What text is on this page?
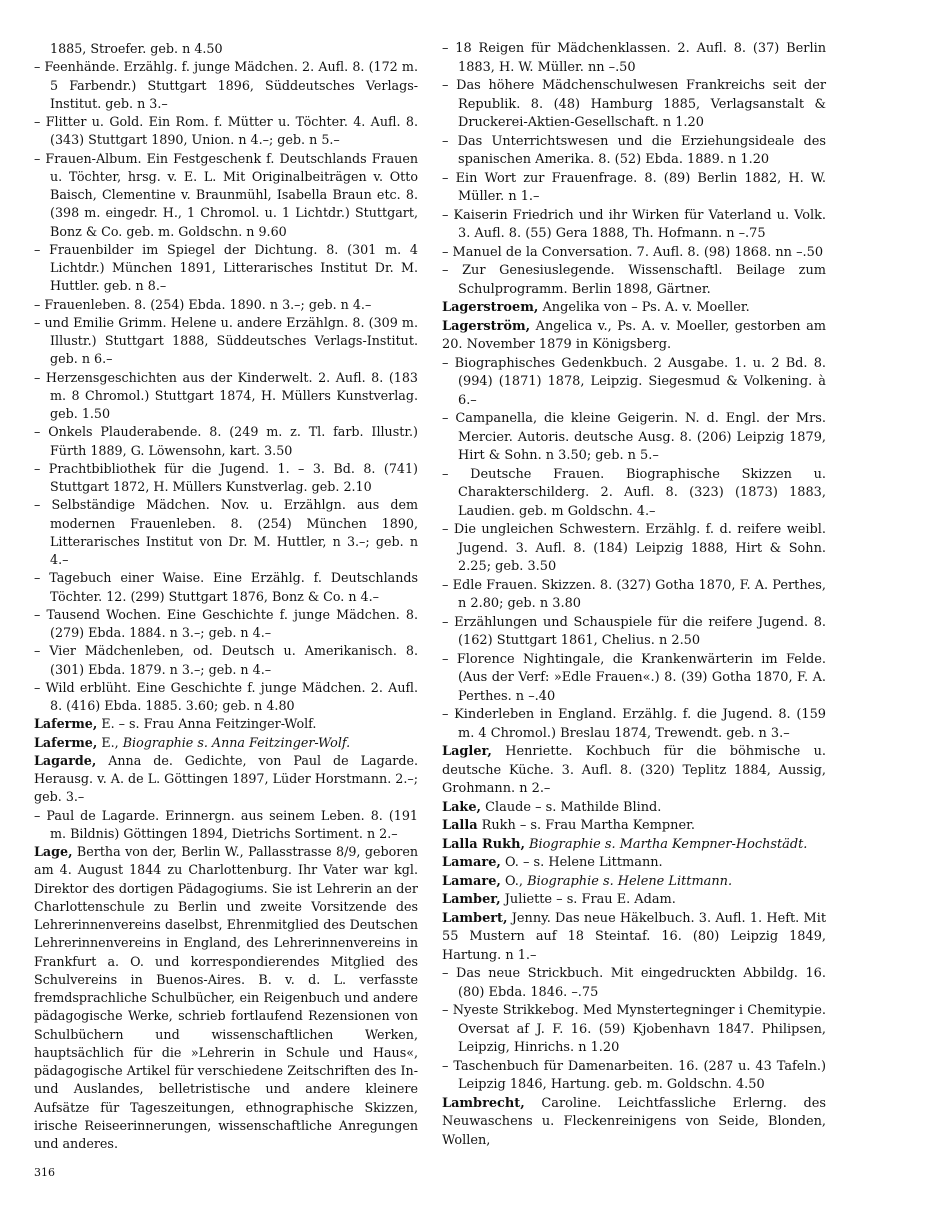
1885, Stroefer. geb. n 4.50

– Feenhände. Erzählg. f. junge Mädchen. 2. Aufl. 8. (172 m. 5 Farbendr.) Stuttgart 1896, Süddeutsches Verlags-Institut. geb. n 3.–

– Flitter u. Gold. Ein Rom. f. Mütter u. Töchter. 4. Aufl. 8. (343) Stuttgart 1890, Union. n 4.–; geb. n 5.–

– Frauen-Album. Ein Festgeschenk f. Deutschlands Frauen u. Töchter, hrsg. v. E. L. Mit Originalbeiträgen v. Otto Baisch, Clementine v. Braunmühl, Isabella Braun etc. 8. (398 m. eingedr. H., 1 Chromol. u. 1 Lichtdr.) Stuttgart, Bonz & Co. geb. m. Goldschn. n 9.60

– Frauenbilder im Spiegel der Dichtung. 8. (301 m. 4 Lichtdr.) München 1891, Litterarisches Institut Dr. M. Huttler. geb. n 8.–

– Frauenleben. 8. (254) Ebda. 1890. n 3.–; geb. n 4.–

– und Emilie Grimm. Helene u. andere Erzählgn. 8. (309 m. Illustr.) Stuttgart 1888, Süddeutsches Verlags-Institut. geb. n 6.–

– Herzensgeschichten aus der Kinderwelt. 2. Aufl. 8. (183 m. 8 Chromol.) Stuttgart 1874, H. Müllers Kunstverlag. geb. 1.50

– Onkels Plauderabende. 8. (249 m. z. Tl. farb. Illustr.) Fürth 1889, G. Löwensohn, kart. 3.50

– Prachtbibliothek für die Jugend. 1. – 3. Bd. 8. (741) Stuttgart 1872, H. Müllers Kunstverlag. geb. 2.10

– Selbständige Mädchen. Nov. u. Erzählgn. aus dem modernen Frauenleben. 8. (254) München 1890, Litterarisches Institut von Dr. M. Huttler, n 3.–; geb. n 4.–

– Tagebuch einer Waise. Eine Erzählg. f. Deutschlands Töchter. 12. (299) Stuttgart 1876, Bonz & Co. n 4.–

– Tausend Wochen. Eine Geschichte f. junge Mädchen. 8. (279) Ebda. 1884. n 3.–; geb. n 4.–

– Vier Mädchenleben, od. Deutsch u. Amerikanisch. 8. (301) Ebda. 1879. n 3.–; geb. n 4.–

– Wild erblüht. Eine Geschichte f. junge Mädchen. 2. Aufl. 8. (416) Ebda. 1885. 3.60; geb. n 4.80

Laferme, E. – s. Frau Anna Feitzinger-Wolf.

Laferme, E., Biographie s. Anna Feitzinger-Wolf.

Lagarde, Anna de. Gedichte, von Paul de Lagarde. Herausg. v. A. de L. Göttingen 1897, Lüder Horstmann. 2.–; geb. 3.–

– Paul de Lagarde. Erinnergn. aus seinem Leben. 8. (191 m. Bildnis) Göttingen 1894, Dietrichs Sortiment. n 2.–

Lage, Bertha von der, Berlin W., Pallasstrasse 8/9, geboren am 4. August 1844 zu Charlottenburg. Ihr Vater war kgl. Direktor des dortigen Pädagogiums. Sie ist Lehrerin an der Charlottenschule zu Berlin und zweite Vorsitzende des Lehrerinnenvereins daselbst, Ehrenmitglied des Deutschen Lehrerinnenvereins in England, des Lehrerinnenvereins in Frankfurt a. O. und korrespondierendes Mitglied des Schulvereins in Buenos-Aires. B. v. d. L. verfasste fremdsprachliche Schulbücher, ein Reigenbuch und andere pädagogische Werke, schrieb fortlaufend Rezensionen von Schulbüchern und wissenschaftlichen Werken, hauptsächlich für die »Lehrerin in Schule und Haus«, pädagogische Artikel für verschiedene Zeitschriften des In- und Auslandes, belletristische und andere kleinere Aufsätze für Tageszeitungen, ethnographische Skizzen, irische Reiseerinnerungen, wissenschaftliche Anregungen und anderes.

– 18 Reigen für Mädchenklassen. 2. Aufl. 8. (37) Berlin 1883, H. W. Müller. nn –.50

– Das höhere Mädchenschulwesen Frankreichs seit der Republik. 8. (48) Hamburg 1885, Verlagsanstalt & Druckerei-Aktien-Gesellschaft. n 1.20

– Das Unterrichtswesen und die Erziehungsideale des spanischen Amerika. 8. (52) Ebda. 1889. n 1.20

– Ein Wort zur Frauenfrage. 8. (89) Berlin 1882, H. W. Müller. n 1.–

– Kaiserin Friedrich und ihr Wirken für Vaterland u. Volk. 3. Aufl. 8. (55) Gera 1888, Th. Hofmann. n –.75

– Manuel de la Conversation. 7. Aufl. 8. (98) 1868. nn –.50

– Zur Genesiuslegende. Wissenschaftl. Beilage zum Schulprogramm. Berlin 1898, Gärtner.

Lagerstroem, Angelika von – Ps. A. v. Moeller.

Lagerström, Angelica v., Ps. A. v. Moeller, gestorben am 20. November 1879 in Königsberg.

– Biographisches Gedenkbuch. 2 Ausgabe. 1. u. 2 Bd. 8. (994) (1871) 1878, Leipzig. Siegesmud & Volkening. à 6.–

– Campanella, die kleine Geigerin. N. d. Engl. der Mrs. Mercier. Autoris. deutsche Ausg. 8. (206) Leipzig 1879, Hirt & Sohn. n 3.50; geb. n 5.–

– Deutsche Frauen. Biographische Skizzen u. Charakterschilderg. 2. Aufl. 8. (323) (1873) 1883, Laudien. geb. m Goldschn. 4.–

– Die ungleichen Schwestern. Erzählg. f. d. reifere weibl. Jugend. 3. Aufl. 8. (184) Leipzig 1888, Hirt & Sohn. 2.25; geb. 3.50

– Edle Frauen. Skizzen. 8. (327) Gotha 1870, F. A. Perthes, n 2.80; geb. n 3.80

– Erzählungen und Schauspiele für die reifere Jugend. 8. (162) Stuttgart 1861, Chelius. n 2.50

– Florence Nightingale, die Krankenwärterin im Felde. (Aus der Verf: »Edle Frauen«.) 8. (39) Gotha 1870, F. A. Perthes. n –.40

– Kinderleben in England. Erzählg. f. die Jugend. 8. (159 m. 4 Chromol.) Breslau 1874, Trewendt. geb. n 3.–

Lagler, Henriette. Kochbuch für die böhmische u. deutsche Küche. 3. Aufl. 8. (320) Teplitz 1884, Aussig, Grohmann. n 2.–

Lake, Claude – s. Mathilde Blind.

Lalla Rukh – s. Frau Martha Kempner.

Lalla Rukh, Biographie s. Martha Kempner-Hochstädt.

Lamare, O. – s. Helene Littmann.

Lamare, O., Biographie s. Helene Littmann.

Lamber, Juliette – s. Frau E. Adam.

Lambert, Jenny. Das neue Häkelbuch. 3. Aufl. 1. Heft. Mit 55 Mustern auf 18 Steintaf. 16. (80) Leipzig 1849, Hartung. n 1.–

– Das neue Strickbuch. Mit eingedruckten Abbildg. 16. (80) Ebda. 1846. –.75

– Nyeste Strikkebog. Med Mynstertegninger i Chemitypie. Oversat af J. F. 16. (59) Kjobenhavn 1847. Philipsen, Leipzig, Hinrichs. n 1.20

– Taschenbuch für Damenarbeiten. 16. (287 u. 43 Tafeln.) Leipzig 1846, Hartung. geb. m. Goldschn. 4.50

Lambrecht, Caroline. Leichtfassliche Erlerng. des Neuwaschens u. Fleckenreinigens von Seide, Blonden, Wollen,

316
